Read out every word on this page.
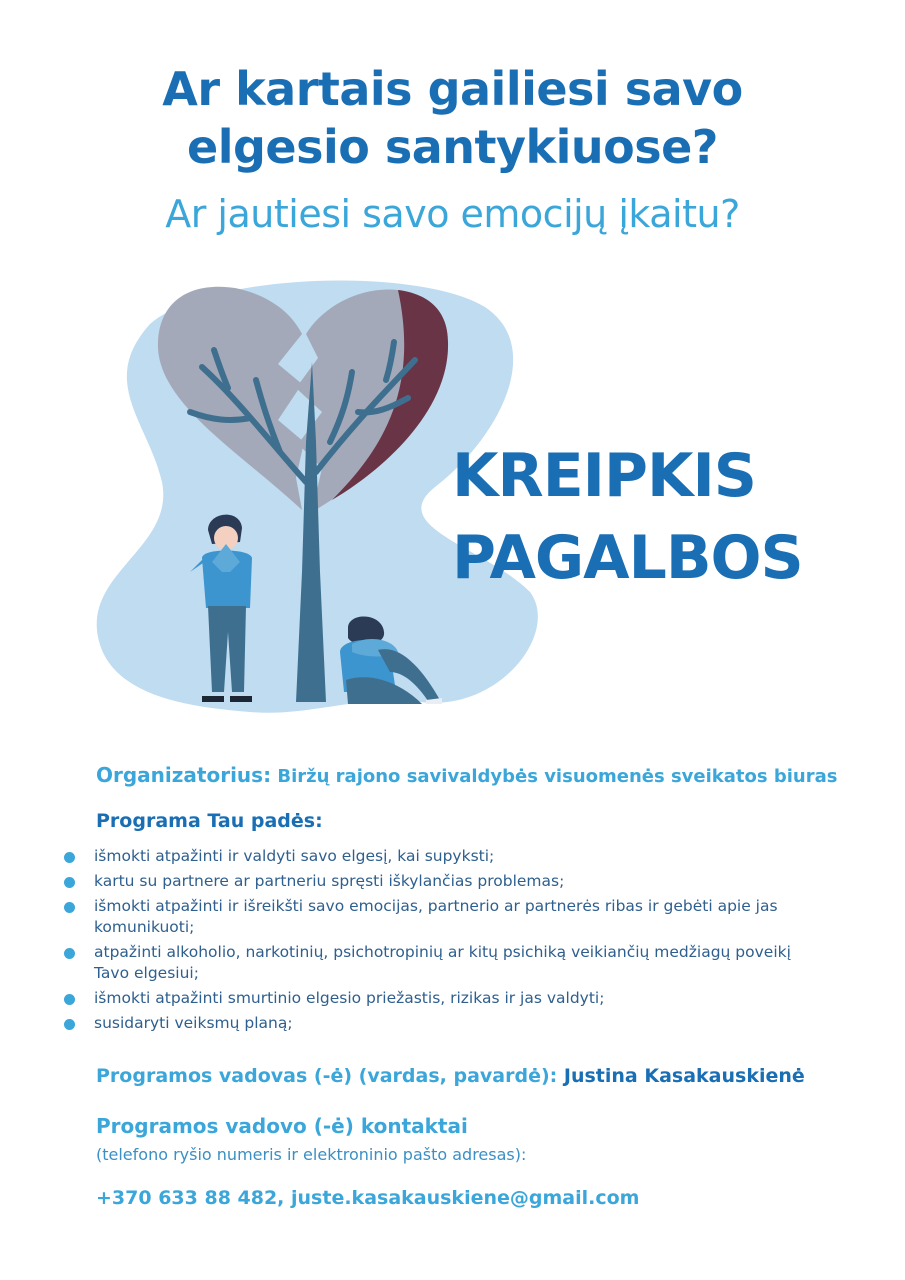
Ar kartais gailiesi savo
elgesio santykiuose?
Ar jautiesi savo emocijų įkaitu?
KREIPKIS
PAGALBOS
Organizatorius: Biržų rajono savivaldybės visuomenės sveikatos biuras
Programa Tau padės:
išmokti atpažinti ir valdyti savo elgesį, kai supyksti;
kartu su partnere ar partneriu spręsti iškylančias problemas;
išmokti atpažinti ir išreikšti savo emocijas, partnerio ar partnerės ribas ir gebėti apie jas komunikuoti;
atpažinti alkoholio, narkotinių, psichotropinių ar kitų psichiką veikiančių medžiagų poveikį Tavo elgesiui;
išmokti atpažinti smurtinio elgesio priežastis, rizikas ir jas valdyti;
susidaryti veiksmų planą;
Programos vadovas (-ė) (vardas, pavardė): Justina Kasakauskienė
Programos vadovo (-ė) kontaktai
(telefono ryšio numeris ir elektroninio pašto adresas):
+370 633 88 482, juste.kasakauskiene@gmail.com
